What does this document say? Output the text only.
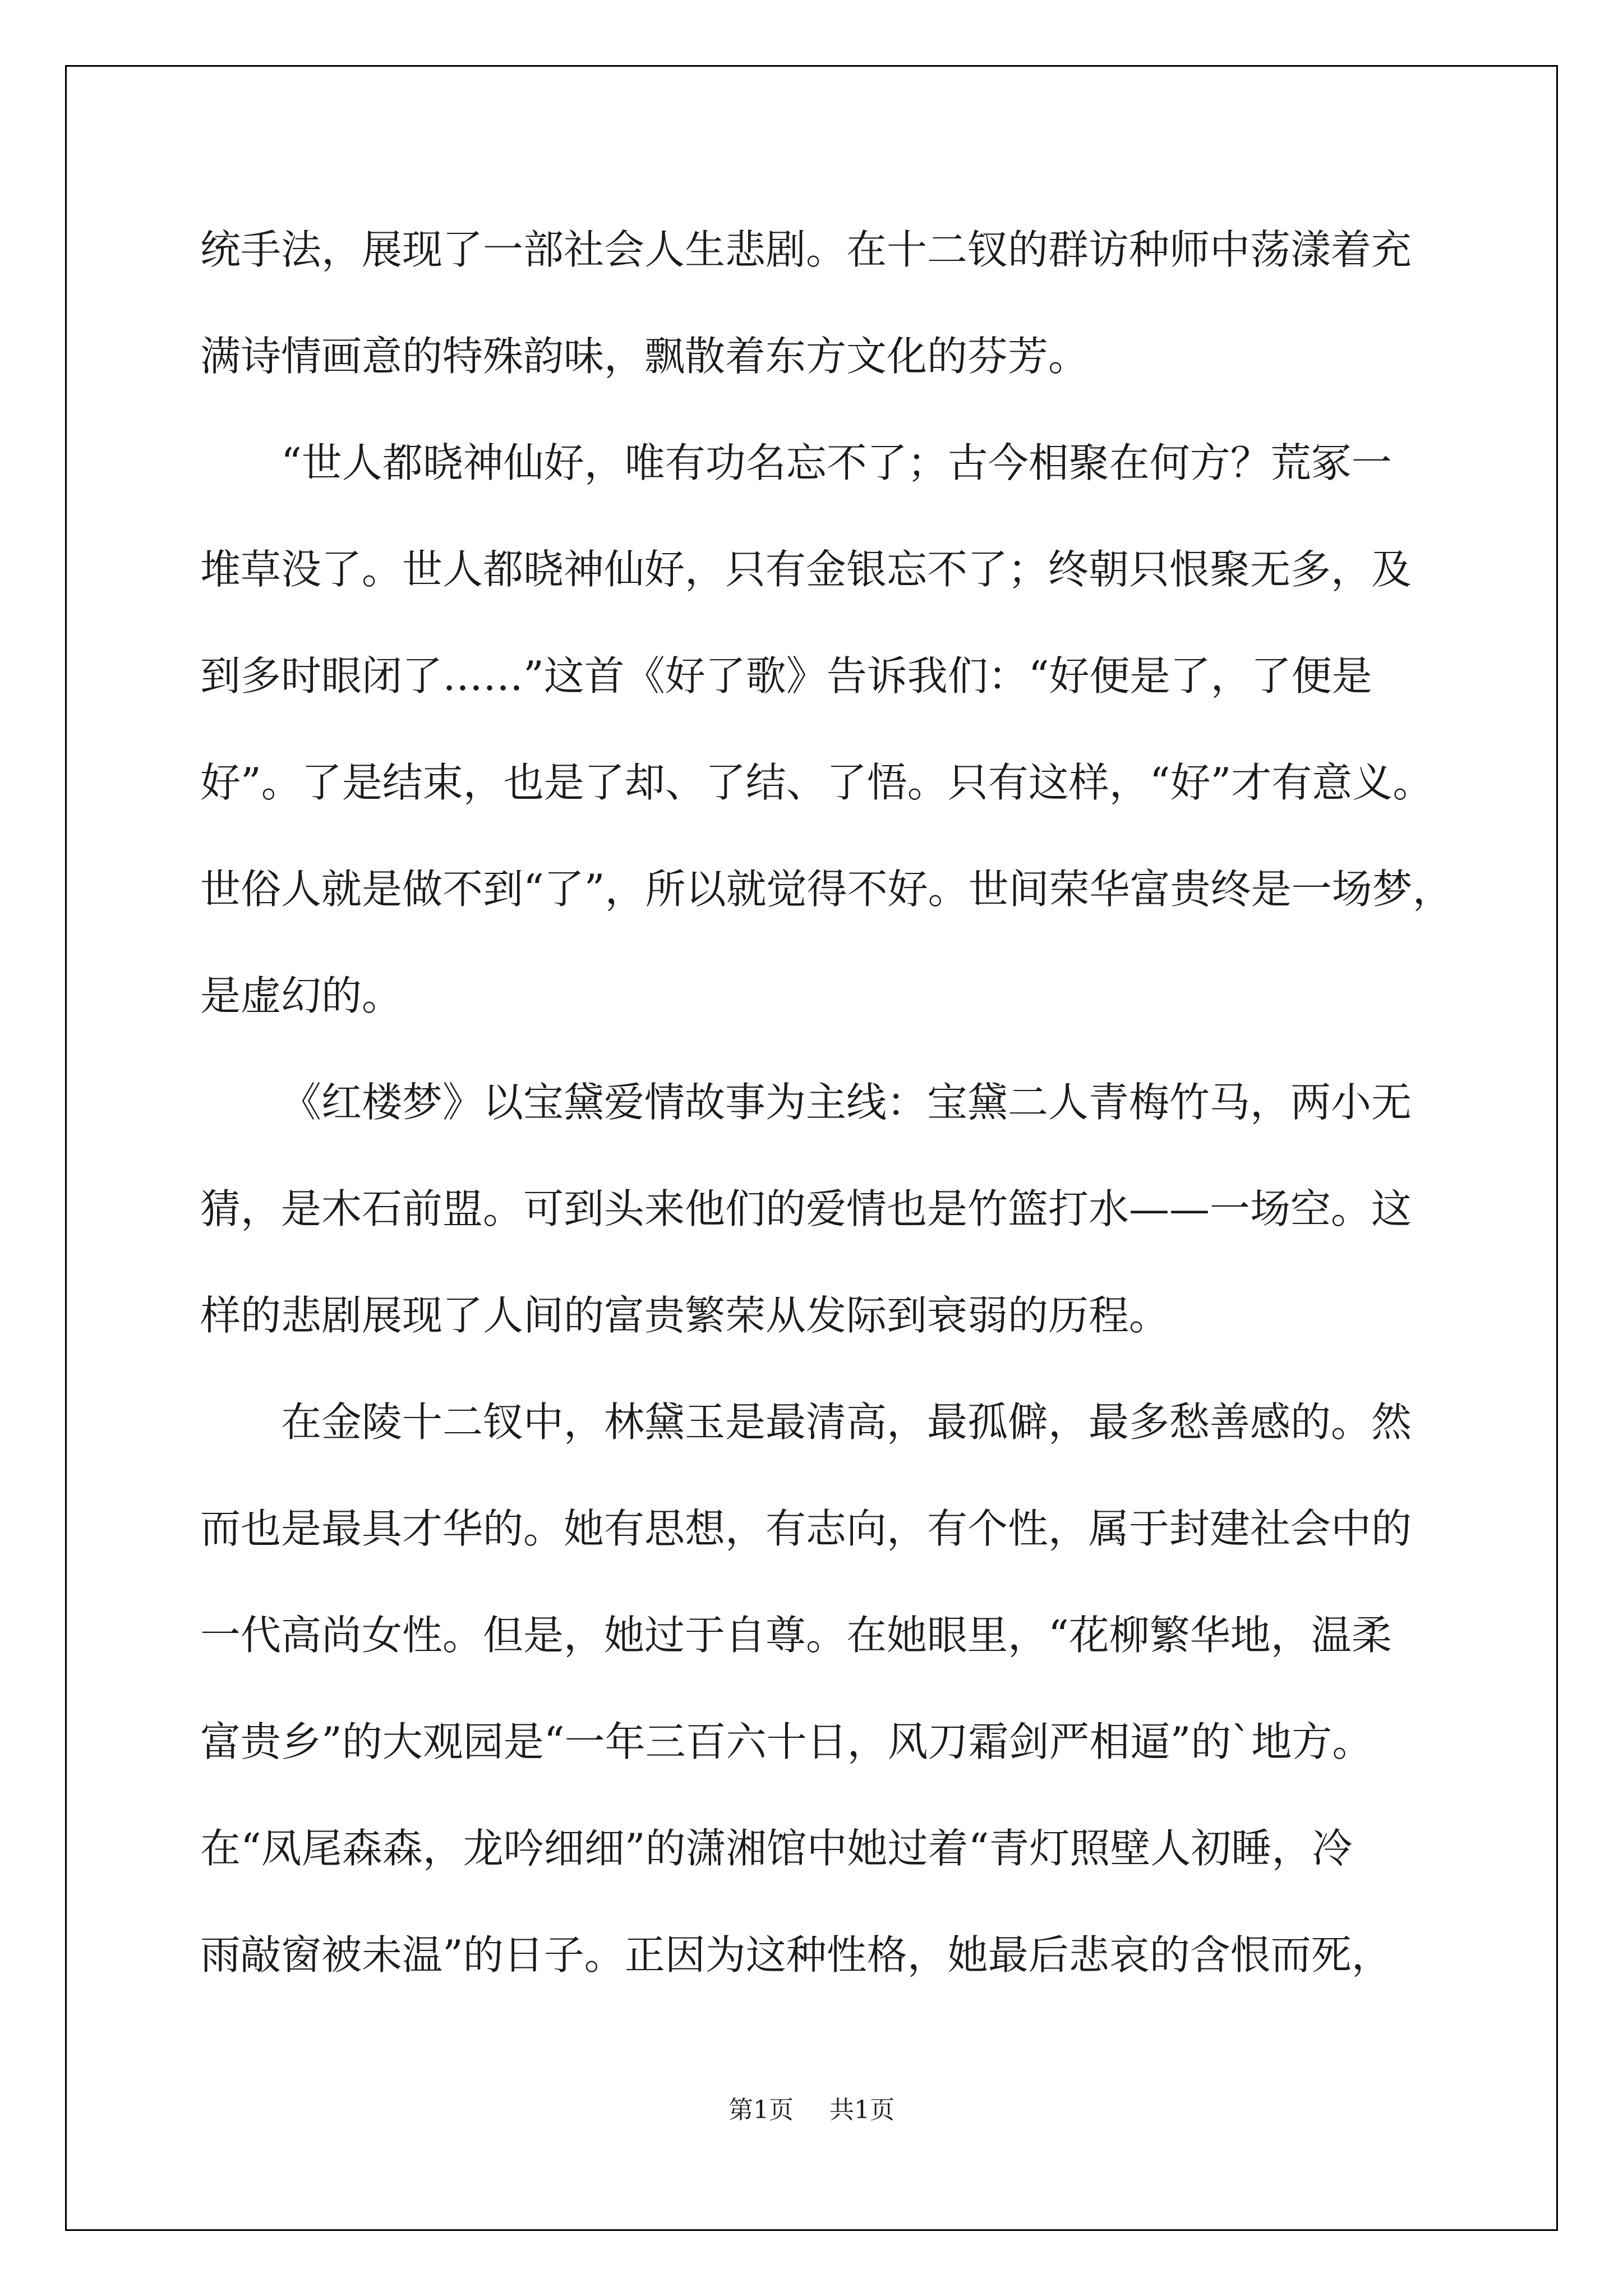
统手法，展现了一部社会人生悲剧。在十二钗的群访种师中荡漾着充
满诗情画意的特殊韵味，飘散着东方文化的芬芳。
“世人都晓神仙好，唯有功名忘不了；古今相聚在何方？荒冢一
堆草没了。世人都晓神仙好，只有金银忘不了；终朝只恨聚无多，及
到多时眼闭了……”这首《好了歌》告诉我们：“好便是了，了便是
好”。了是结束，也是了却、了结、了悟。只有这样，“好”才有意义。
世俗人就是做不到“了”，所以就觉得不好。世间荣华富贵终是一场梦，
是虚幻的。
《红楼梦》以宝黛爱情故事为主线：宝黛二人青梅竹马，两小无
猜，是木石前盟。可到头来他们的爱情也是竹篮打水——一场空。这
样的悲剧展现了人间的富贵繁荣从发际到衰弱的历程。
在金陵十二钗中，林黛玉是最清高，最孤僻，最多愁善感的。然
而也是最具才华的。她有思想，有志向，有个性，属于封建社会中的
一代高尚女性。但是，她过于自尊。在她眼里，“花柳繁华地，温柔
富贵乡”的大观园是“一年三百六十日，风刀霜剑严相逼”的`地方。
在“凤尾森森，龙吟细细”的潇湘馆中她过着“青灯照壁人初睡，冷
雨敲窗被未温”的日子。正因为这种性格，她最后悲哀的含恨而死，
第1页 共1页
